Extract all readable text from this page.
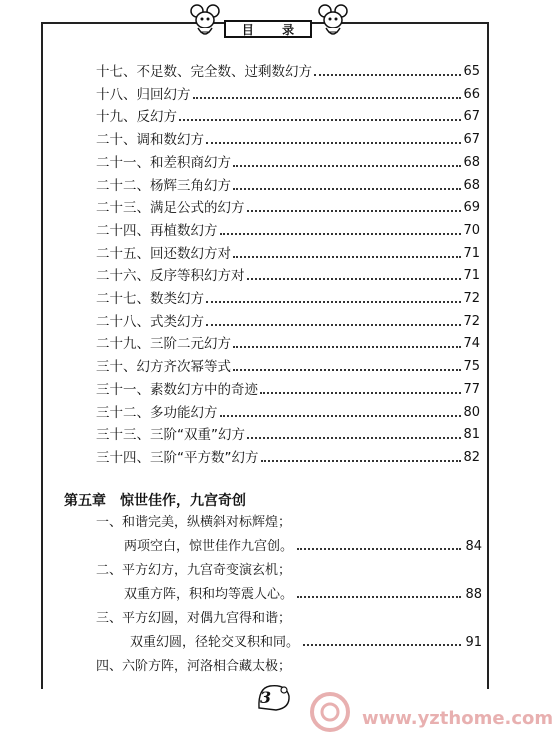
目 录
十七、不足数、完全数、过剩数幻方	65
十八、归回幻方	66
十九、反幻方	67
二十、调和数幻方	67
二十一、和差积商幻方	68
二十二、杨辉三角幻方	68
二十三、满足公式的幻方	69
二十四、再植数幻方	70
二十五、回还数幻方对	71
二十六、反序等积幻方对	71
二十七、数类幻方	72
二十八、式类幻方	72
二十九、三阶二元幻方	74
三十、幻方齐次幂等式	75
三十一、素数幻方中的奇迹	77
三十二、多功能幻方	80
三十三、三阶“双重”幻方	81
三十四、三阶“平方数”幻方	82
第五章 惊世佳作，九宫奇创
一、和谐完美，纵横斜对标辉煌；
两项空白，惊世佳作九宫创。	84
二、平方幻方，九宫奇变演玄机；
双重方阵，积和均等震人心。	88
三、平方幻圆，对偶九宫得和谐；
双重幻圆，径轮交叉积和同。	91
四、六阶方阵，河洛相合藏太极；
3
www.yzthome.com
